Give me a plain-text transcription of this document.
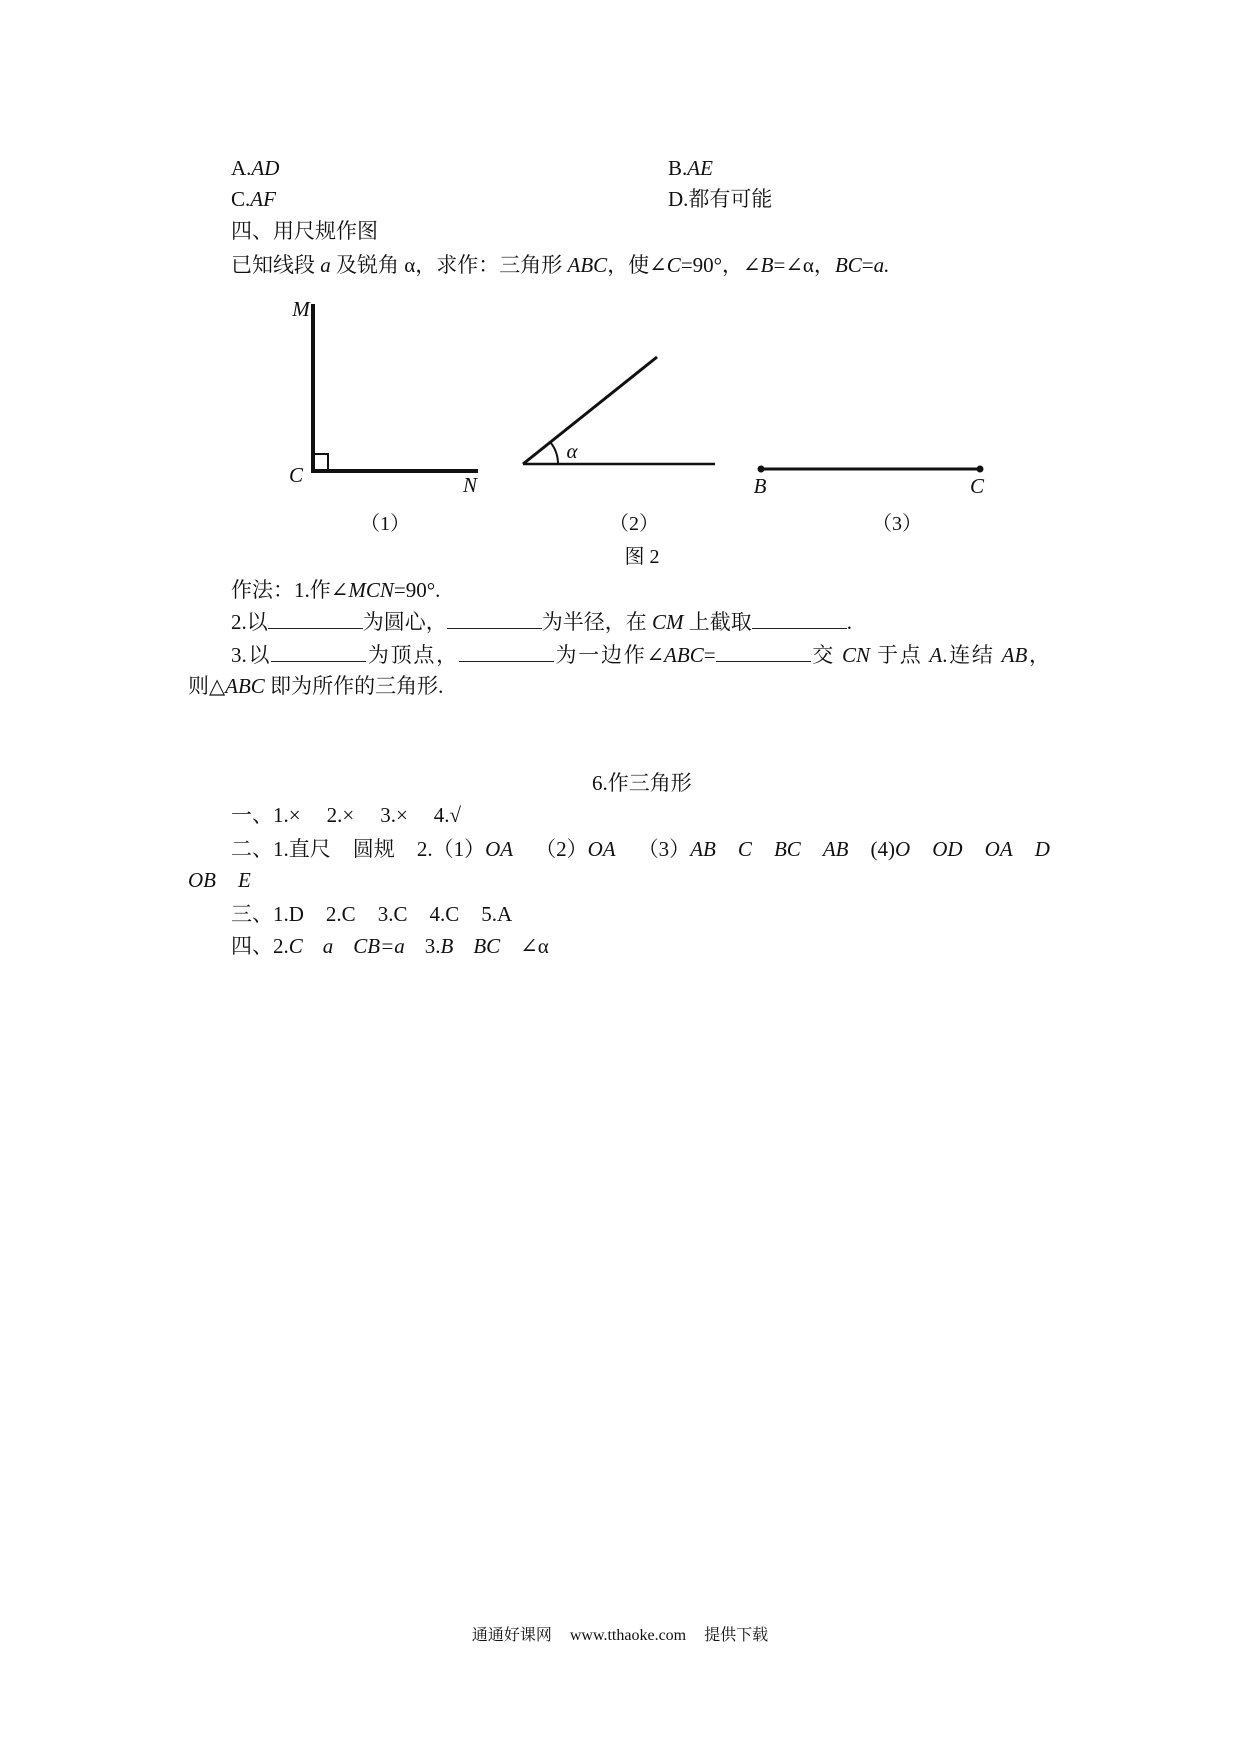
A.AD	B.AE
C.AF	D.都有可能
四、用尺规作图
已知线段 a 及锐角 α，求作：三角形 ABC，使∠C=90°，∠B=∠α，BC=a.
M
C	N
（1）
α
（2）
B	C
（3）
图 2
作法：1.作∠MCN=90°.
2.以	为圆心，	为半径，在 CM 上截取	.
3.以	为顶点，	为一边作∠ABC=	交 CN 于点 A.连结 AB，
则△ABC 即为所作的三角形.
6.作三角形
一、1.× 2.× 3.× 4.√
二、1.直尺 圆规 2.（1）OA （2）OA （3）AB C BC AB (4)O OD OA D
OB E
三、1.D 2.C 3.C 4.C 5.A
四、2.C a CB=a 3.B BC ∠α
通通好课网 www.tthaoke.com 提供下载
